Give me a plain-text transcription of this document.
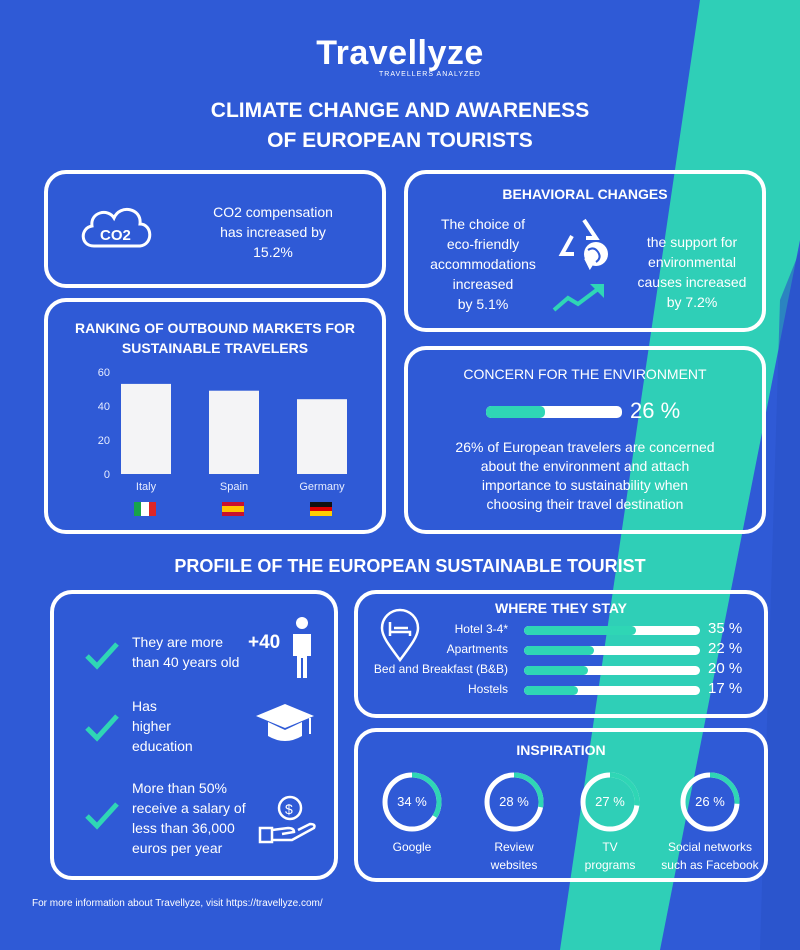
Travellyze
TRAVELLERS ANALYZED
CLIMATE CHANGE AND AWARENESS
OF EUROPEAN TOURISTS
CO2
CO2 compensation
has increased by
15.2%
BEHAVIORAL CHANGES
The choice of
eco-friendly
accommodations
increased
by 5.1%
the support for
environmental
causes increased
by 7.2%
RANKING OF OUTBOUND MARKETS FOR
SUSTAINABLE TRAVELERS
0
20
40
60
Italy	Spain	Germany
CONCERN FOR THE ENVIRONMENT
26 %
26% of European travelers are concerned
about the environment and attach
importance to sustainability when
choosing their travel destination
PROFILE OF THE EUROPEAN SUSTAINABLE TOURIST
They are more
than 40 years old
+40
Has
higher
education
More than 50%
receive a salary of
less than 36,000
euros per year
$
WHERE THEY STAY
Hotel 3-4*	35 %
Apartments	22 %
Bed and Breakfast (B&B)	20 %
Hostels	17 %
INSPIRATION
34 %
Google
28 %
Review
websites
27 %
TV
programs
26 %
Social networks
such as Facebook
For more information about Travellyze, visit https://travellyze.com/
